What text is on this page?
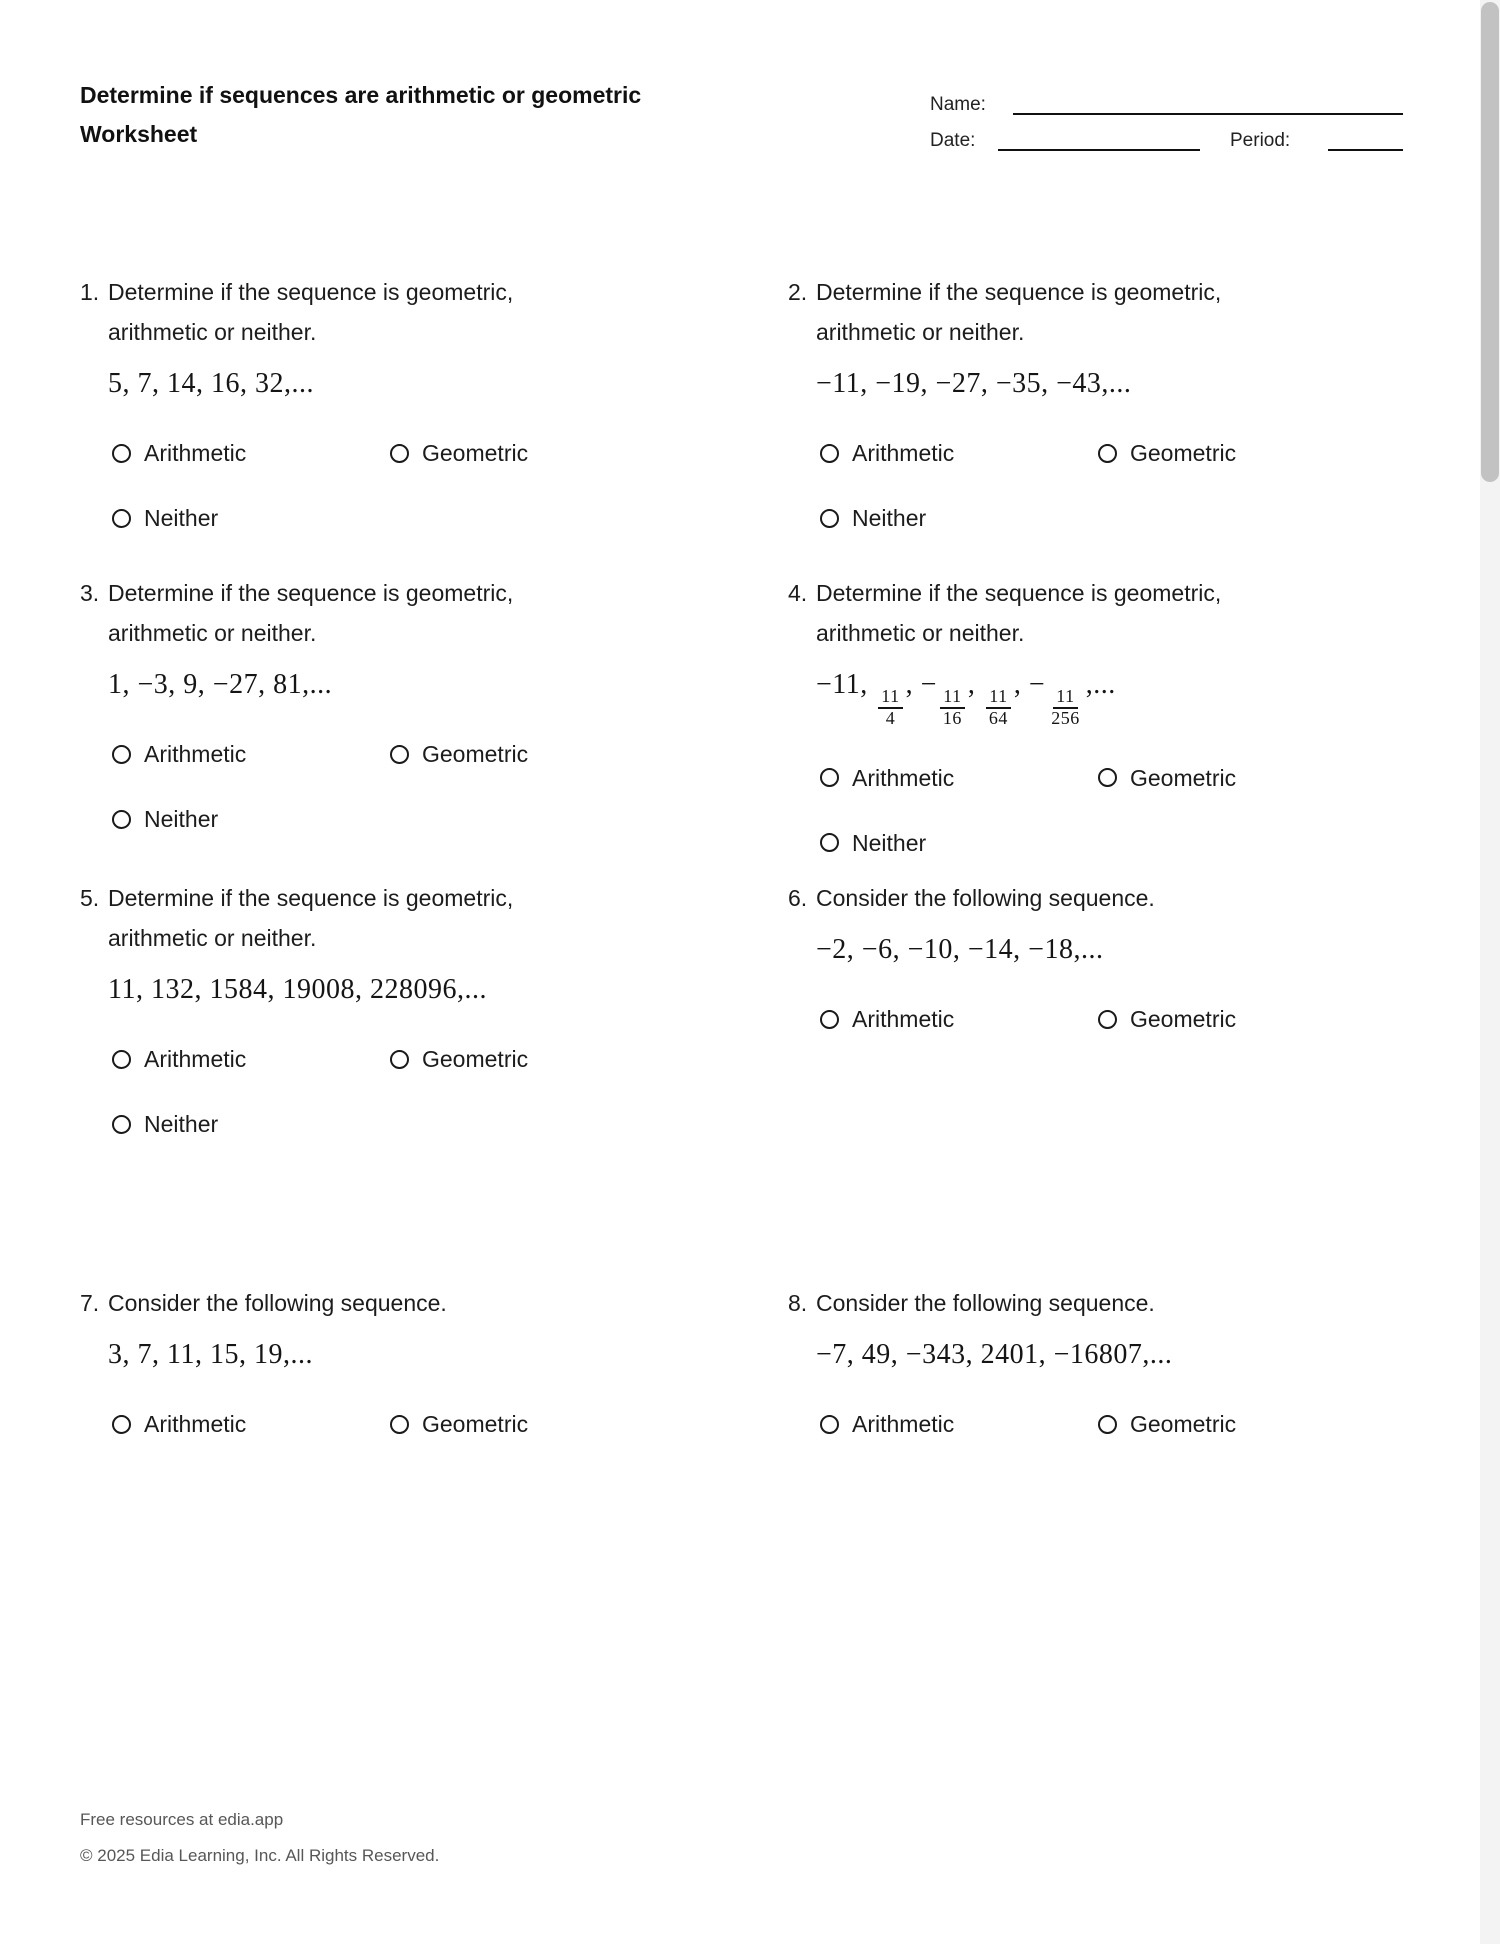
Determine if sequences are arithmetic or geometric
Worksheet
Name:
Date:	Period:
1. Determine if the sequence is geometric, arithmetic or neither.
5, 7, 14, 16, 32,...
Arithmetic	Geometric
Neither
2. Determine if the sequence is geometric, arithmetic or neither.
−11, −19, −27, −35, −43,...
Arithmetic	Geometric
Neither
3. Determine if the sequence is geometric, arithmetic or neither.
1, −3, 9, −27, 81,...
Arithmetic	Geometric
Neither
4. Determine if the sequence is geometric, arithmetic or neither.
−11,
$\frac{11}{4}$
, −
$\frac{11}{16}$
,
$\frac{11}{64}$
, −
$\frac{11}{256}$
,...
Arithmetic	Geometric
Neither
5. Determine if the sequence is geometric, arithmetic or neither.
11, 132, 1584, 19008, 228096,...
Arithmetic	Geometric
Neither
6. Consider the following sequence.
−2, −6, −10, −14, −18,...
Arithmetic	Geometric
7. Consider the following sequence.
3, 7, 11, 15, 19,...
Arithmetic	Geometric
8. Consider the following sequence.
−7, 49, −343, 2401, −16807,...
Arithmetic	Geometric
Free resources at edia.app
© 2025 Edia Learning, Inc. All Rights Reserved.
